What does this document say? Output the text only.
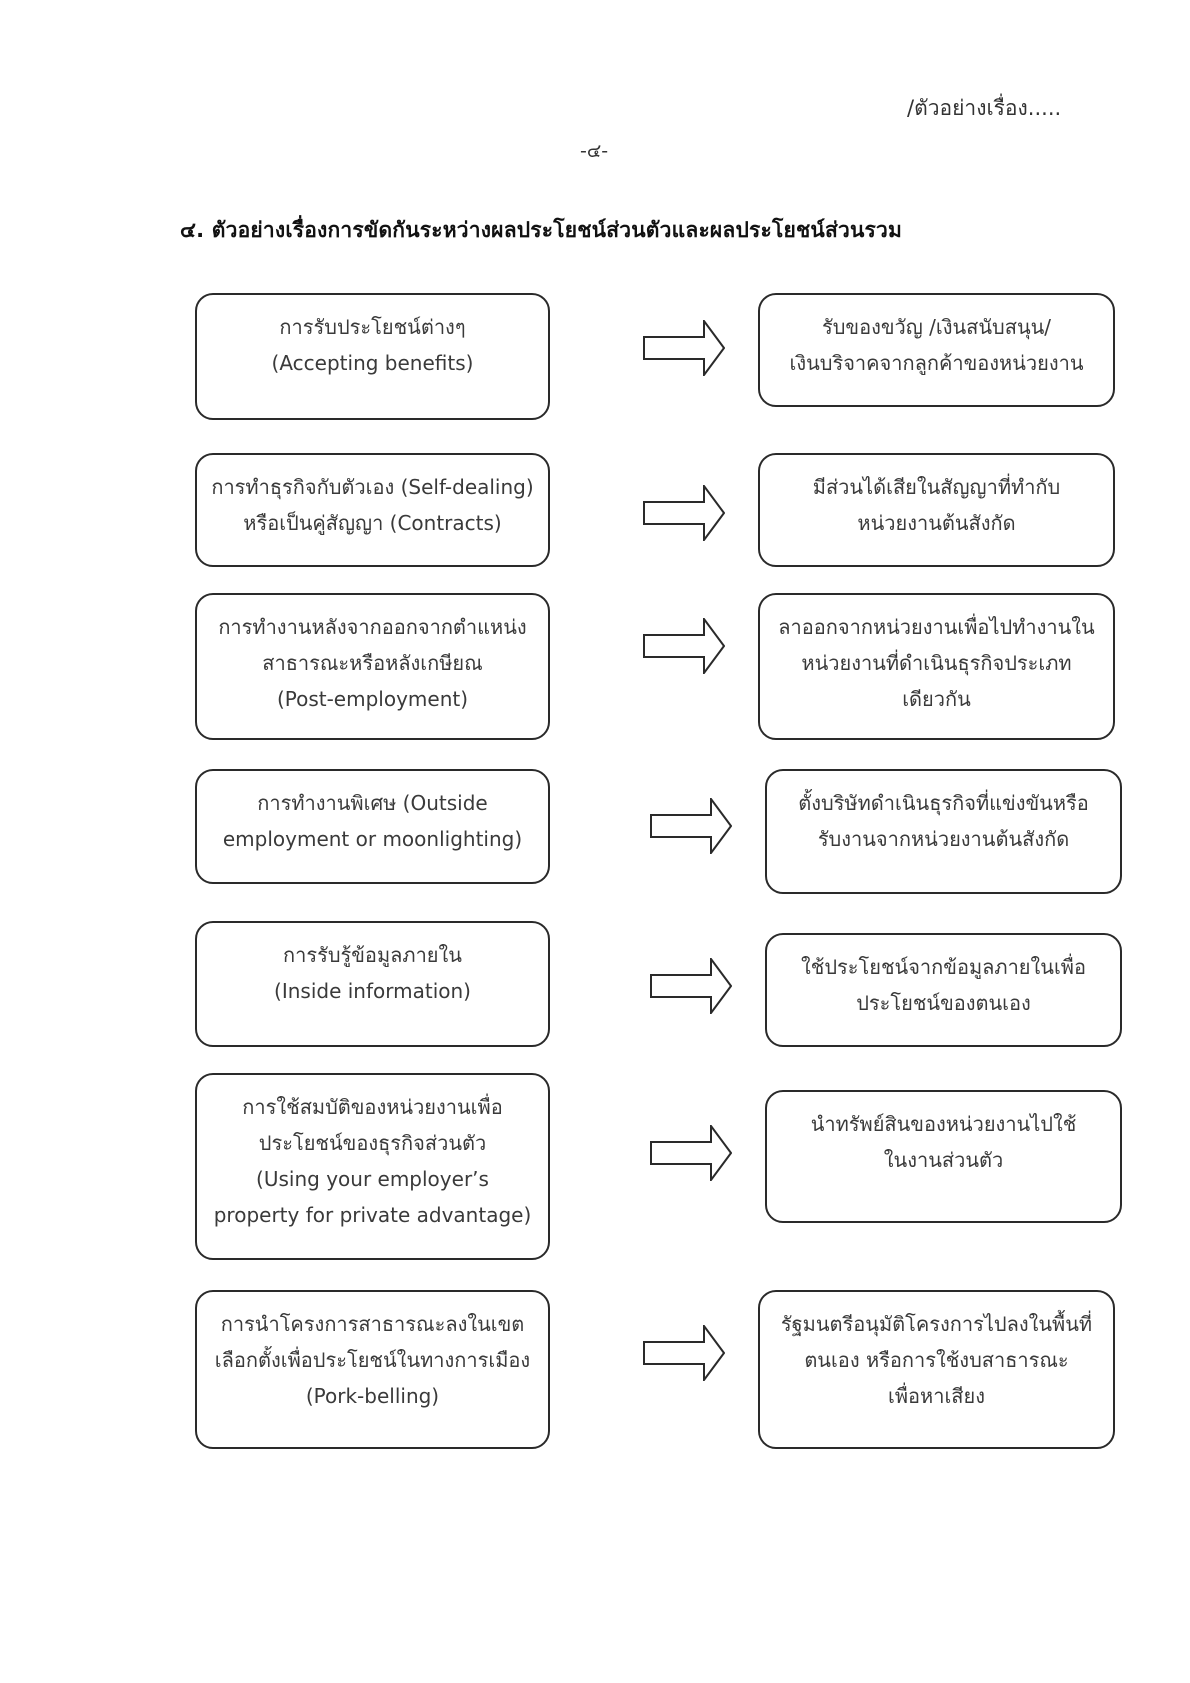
/ตัวอย่างเรื่อง.....
-๔-
๔. ตัวอย่างเรื่องการขัดกันระหว่างผลประโยชน์ส่วนตัวและผลประโยชน์ส่วนรวม
การรับประโยชน์ต่างๆ
(Accepting benefits)
รับของขวัญ /เงินสนับสนุน/
เงินบริจาคจากลูกค้าของหน่วยงาน
การทำธุรกิจกับตัวเอง (Self-dealing)
หรือเป็นคู่สัญญา (Contracts)
มีส่วนได้เสียในสัญญาที่ทำกับ
หน่วยงานต้นสังกัด
การทำงานหลังจากออกจากตำแหน่ง
สาธารณะหรือหลังเกษียณ
(Post-employment)
ลาออกจากหน่วยงานเพื่อไปทำงานใน
หน่วยงานที่ดำเนินธุรกิจประเภท
เดียวกัน
การทำงานพิเศษ (Outside
employment or moonlighting)
ตั้งบริษัทดำเนินธุรกิจที่แข่งขันหรือ
รับงานจากหน่วยงานต้นสังกัด
การรับรู้ข้อมูลภายใน
(Inside information)
ใช้ประโยชน์จากข้อมูลภายในเพื่อ
ประโยชน์ของตนเอง
การใช้สมบัติของหน่วยงานเพื่อ
ประโยชน์ของธุรกิจส่วนตัว
(Using your employer’s
property for private advantage)
นำทรัพย์สินของหน่วยงานไปใช้
ในงานส่วนตัว
การนำโครงการสาธารณะลงในเขต
เลือกตั้งเพื่อประโยชน์ในทางการเมือง
(Pork-belling)
รัฐมนตรีอนุมัติโครงการไปลงในพื้นที่
ตนเอง หรือการใช้งบสาธารณะ
เพื่อหาเสียง
